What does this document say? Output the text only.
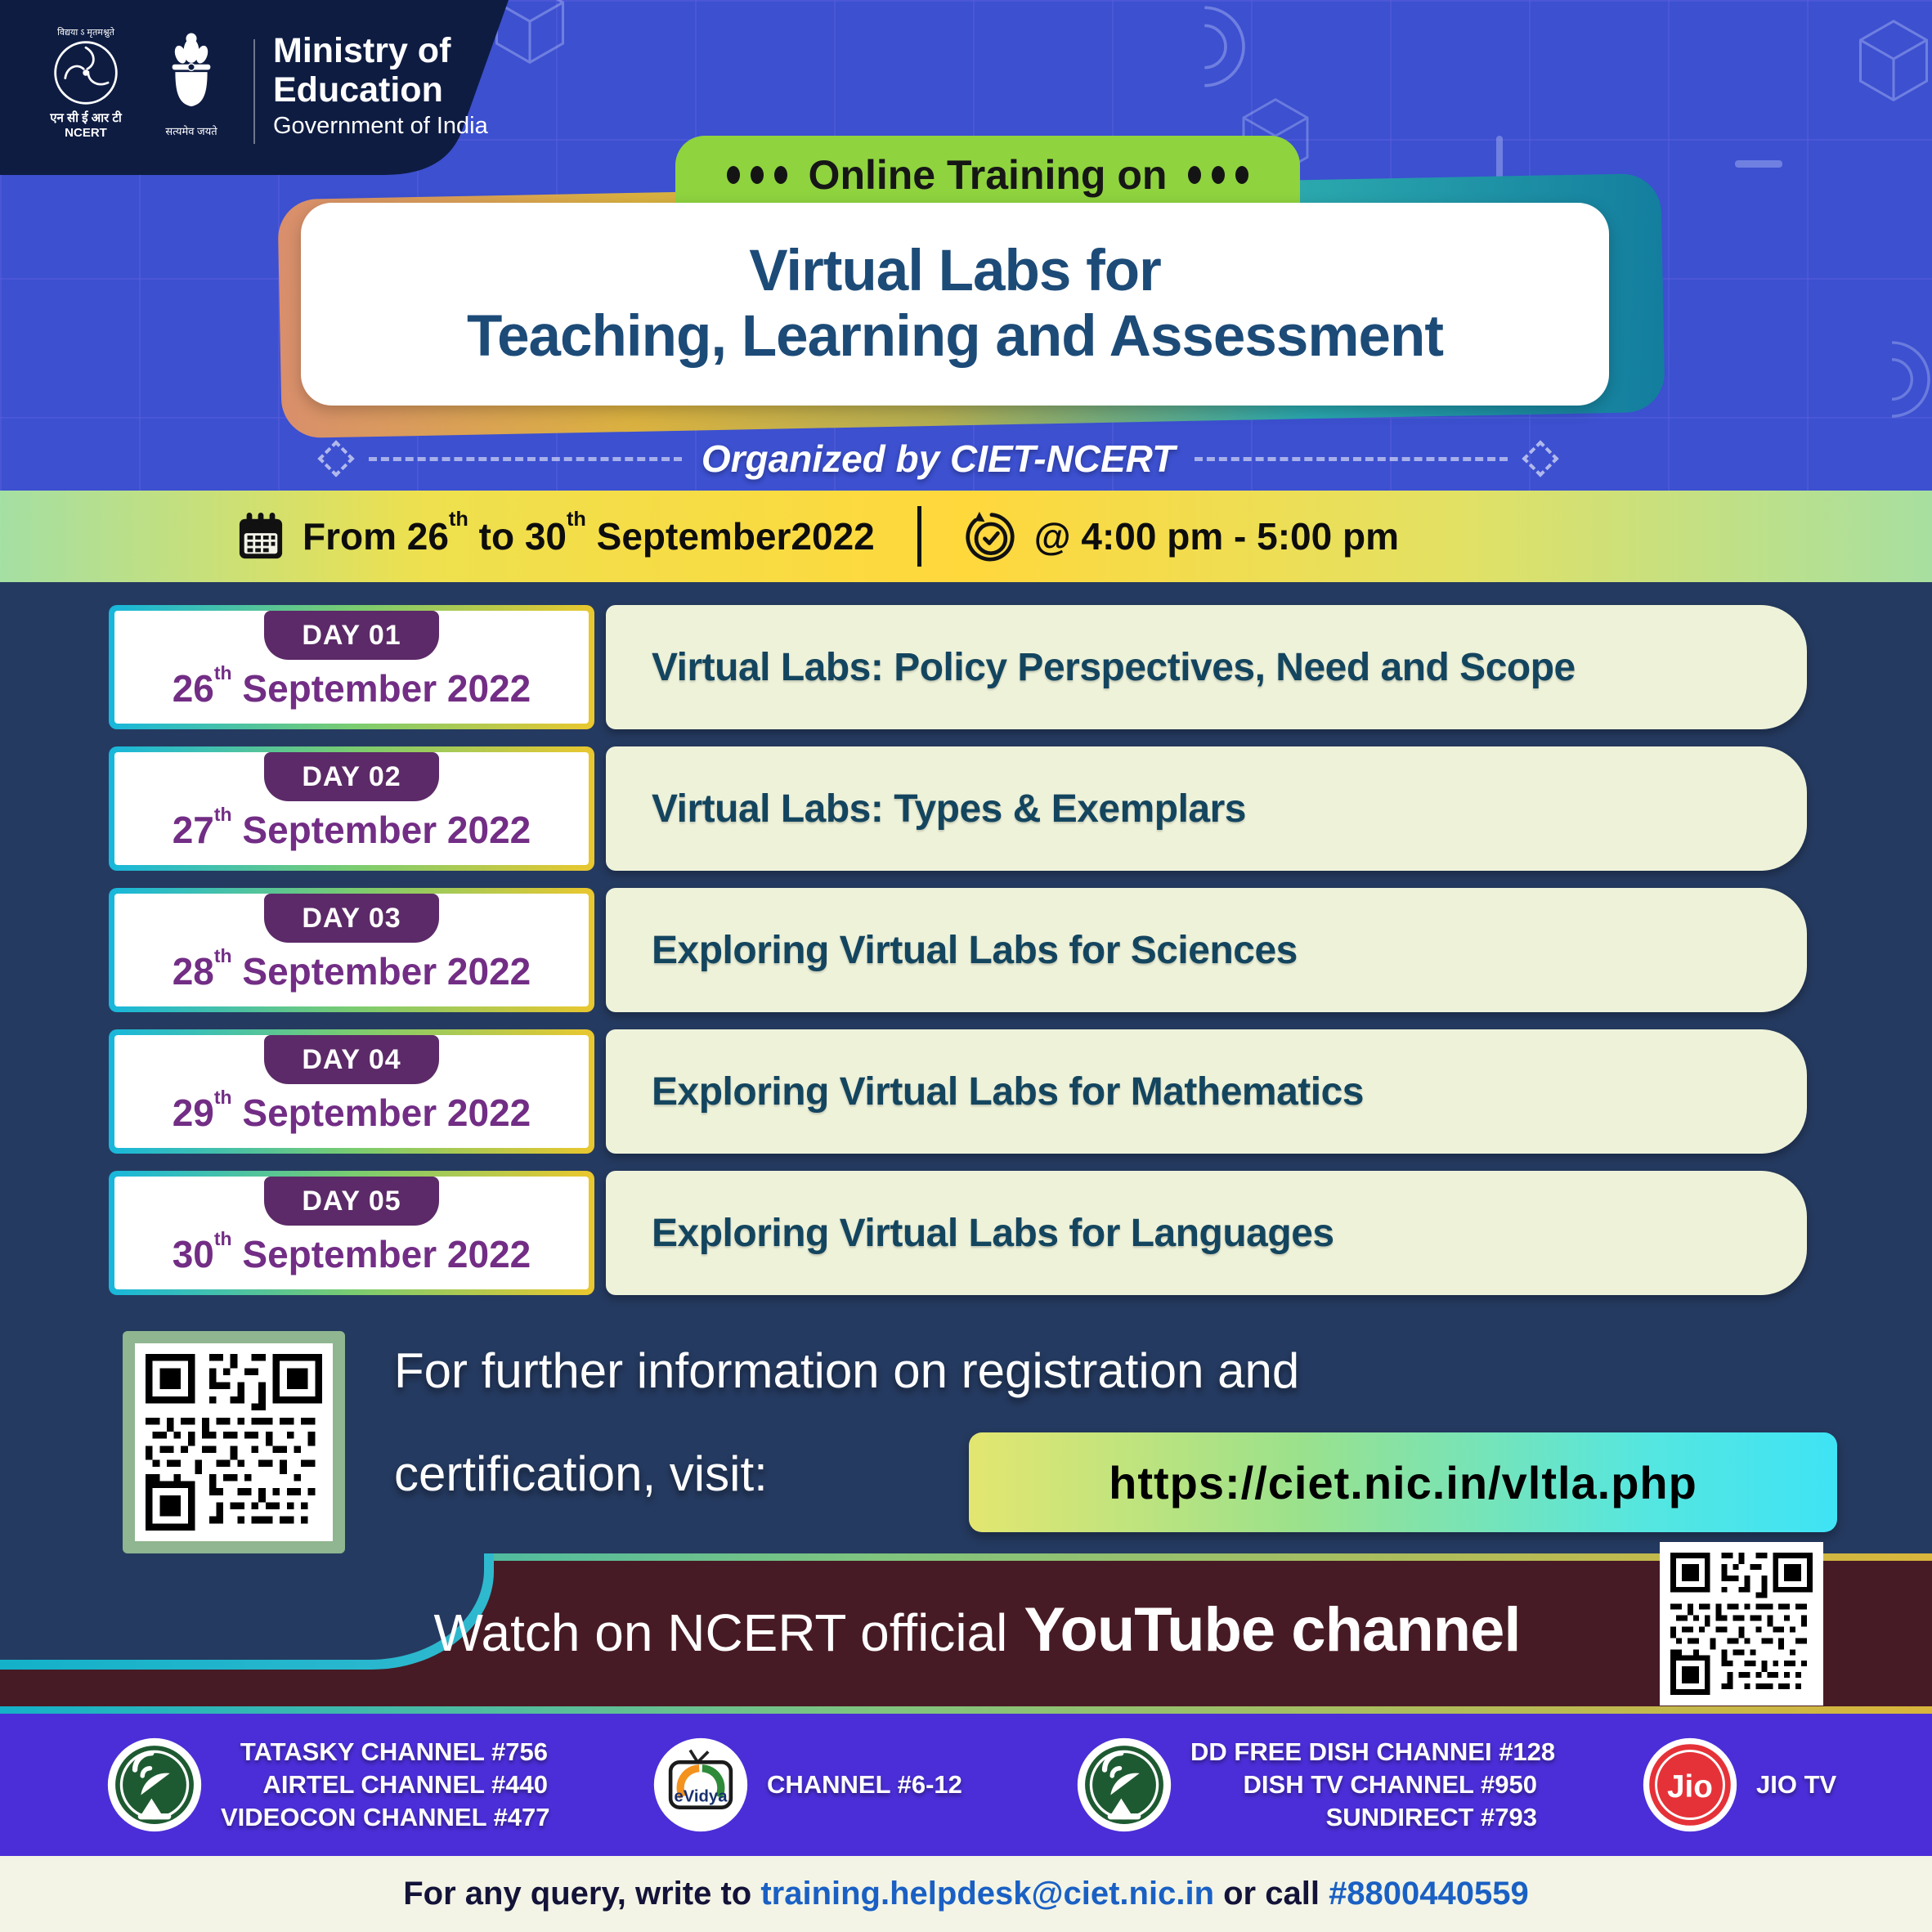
विद्यया ऽ मृतमश्नुते
एन सी ई आर टी
NCERT	सत्यमेव जयते
Ministry of
Education
Government of India
Online Training on
Virtual Labs for
Teaching, Learning and Assessment
Organized by CIET-NCERT
From 26th to 30th September2022	@ 4:00 pm - 5:00 pm
DAY 01
26th September 2022	Virtual Labs: Policy Perspectives, Need and Scope
DAY 02
27th September 2022	Virtual Labs: Types & Exemplars
DAY 03
28th September 2022	Exploring Virtual Labs for Sciences
DAY 04
29th September 2022	Exploring Virtual Labs for Mathematics
DAY 05
30th September 2022	Exploring Virtual Labs for Languages
For further information on registration and
certification, visit:	https://ciet.nic.in/vltla.php
Watch on NCERT official YouTube channel
TATASKY CHANNEL #756
AIRTEL CHANNEL #440
VIDEOCON CHANNEL #477
eVidya CHANNEL #6-12
DD FREE DISH CHANNEI #128
DISH TV CHANNEL #950
SUNDIRECT #793
Jio JIO TV
For any query, write to training.helpdesk@ciet.nic.in or call #8800440559
